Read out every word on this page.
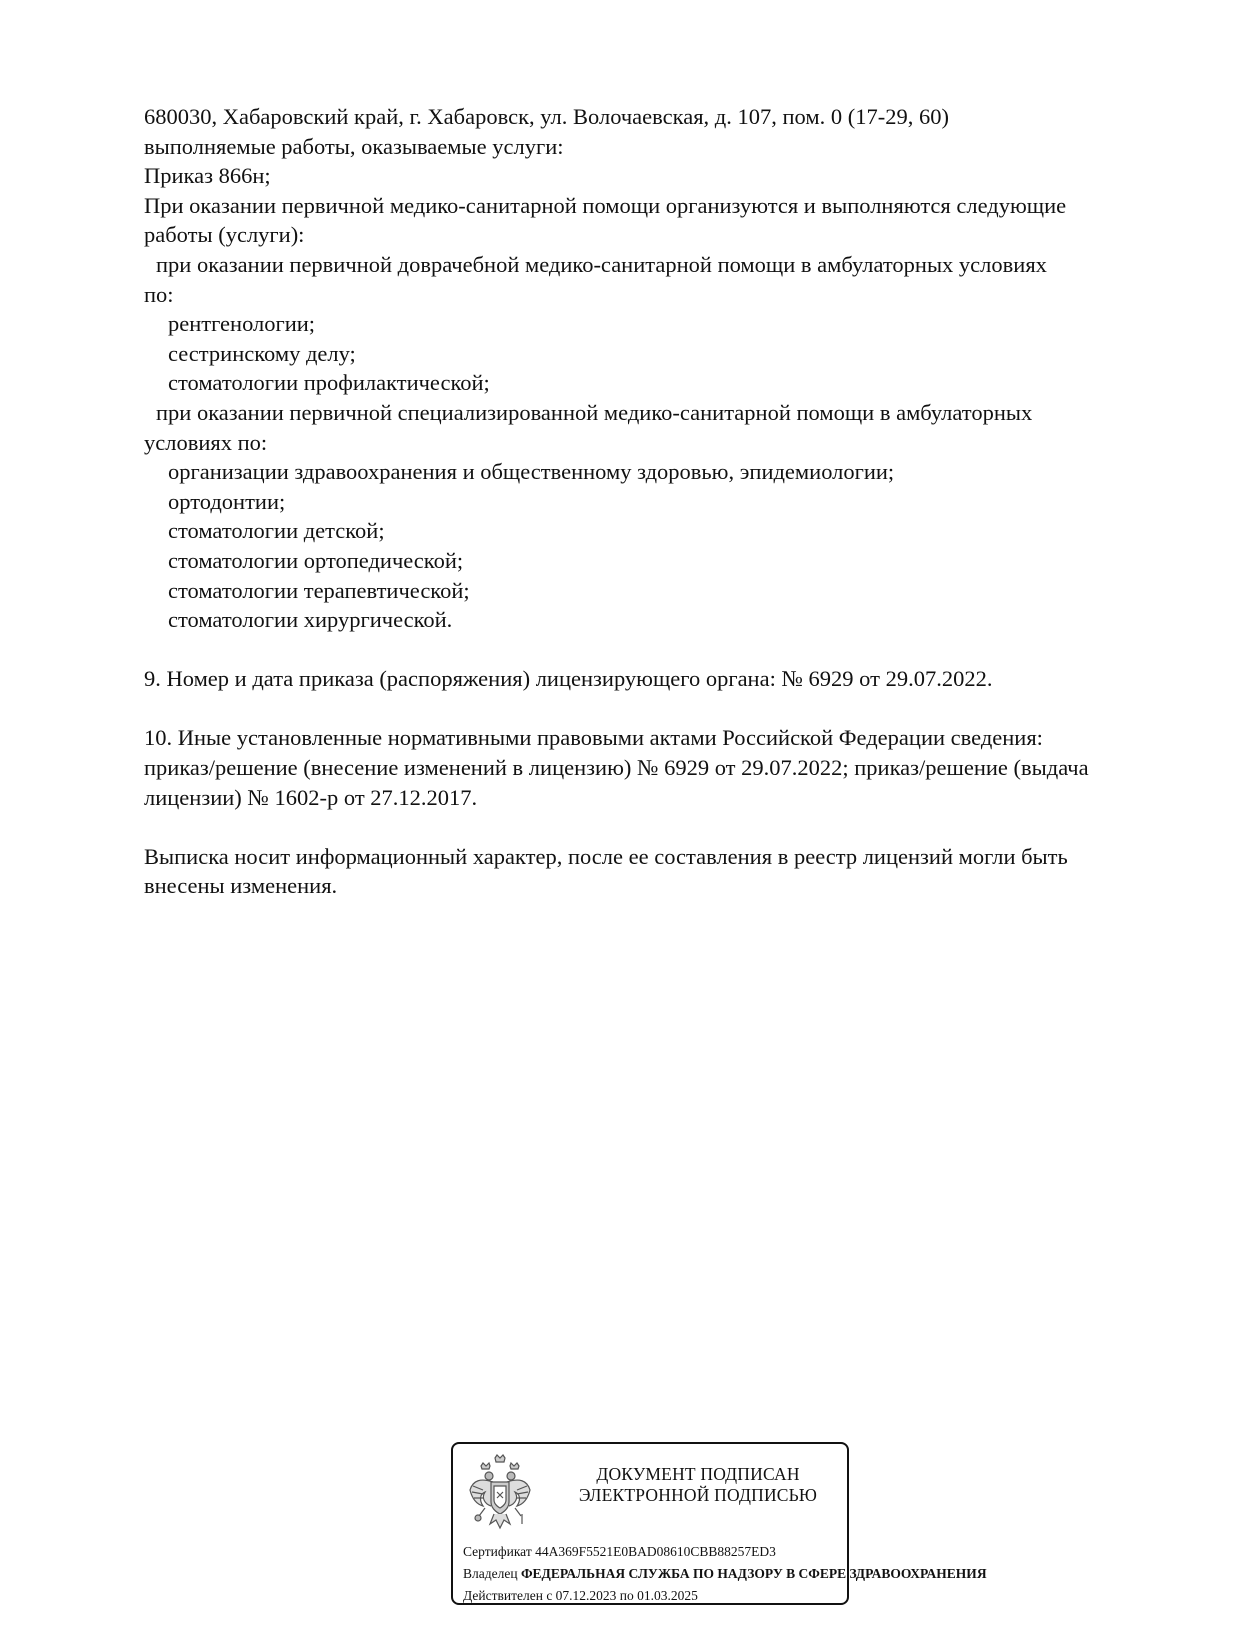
680030, Хабаровский край, г. Хабаровск, ул. Волочаевская, д. 107, пом. 0 (17-29, 60)
выполняемые работы, оказываемые услуги:
Приказ 866н;
При оказании первичной медико-санитарной помощи организуются и выполняются следующие
работы (услуги):
при оказании первичной доврачебной медико-санитарной помощи в амбулаторных условиях
по:
рентгенологии;
сестринскому делу;
стоматологии профилактической;
при оказании первичной специализированной медико-санитарной помощи в амбулаторных
условиях по:
организации здравоохранения и общественному здоровью, эпидемиологии;
ортодонтии;
стоматологии детской;
стоматологии ортопедической;
стоматологии терапевтической;
стоматологии хирургической.
9. Номер и дата приказа (распоряжения) лицензирующего органа: № 6929 от 29.07.2022.
10. Иные установленные нормативными правовыми актами Российской Федерации сведения:
приказ/решение (внесение изменений в лицензию) № 6929 от 29.07.2022; приказ/решение (выдача
лицензии) № 1602-р от 27.12.2017.
Выписка носит информационный характер, после ее составления в реестр лицензий могли быть
внесены изменения.
ДОКУМЕНТ ПОДПИСАН
ЭЛЕКТРОННОЙ ПОДПИСЬЮ
Сертификат 44A369F5521E0BAD08610CBB88257ED3
Владелец ФЕДЕРАЛЬНАЯ СЛУЖБА ПО НАДЗОРУ В СФЕРЕ ЗДРАВООХРАНЕНИЯ
Действителен с 07.12.2023 по 01.03.2025
